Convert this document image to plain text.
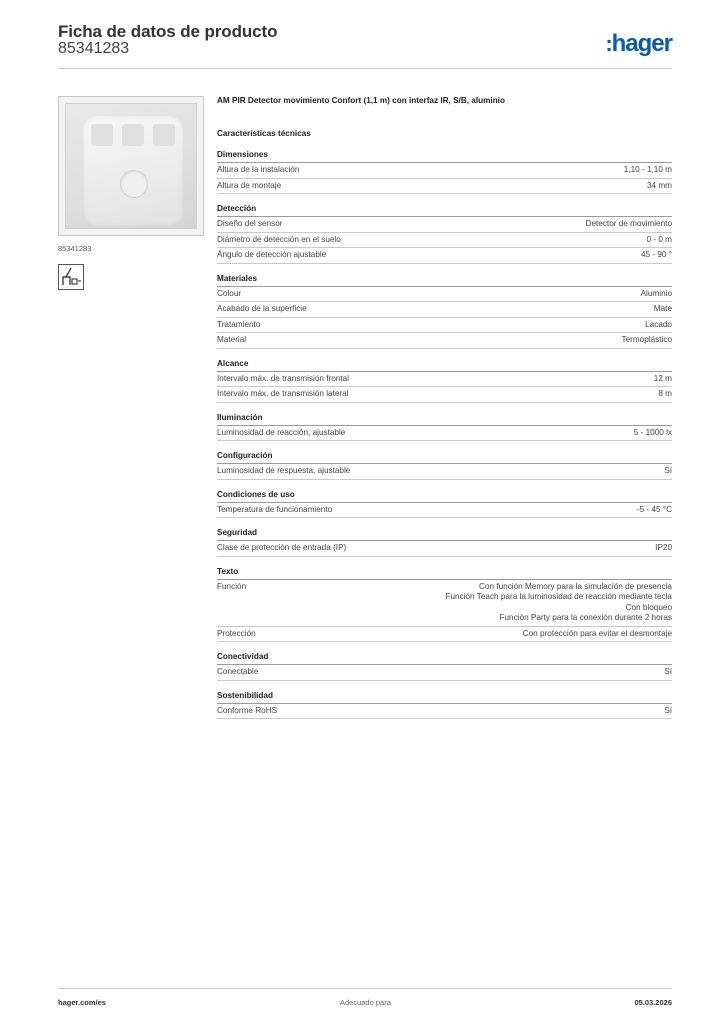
Ficha de datos de producto
85341283	:hager
85341283
AM PIR Detector movimiento Confort (1,1 m) con interfaz IR, S/B, aluminio
Características técnicas
Dimensiones
Altura de la instalación	1,10 - 1,10 m
Altura de montaje	34 mm
Detección
Diseño del sensor	Detector de movimiento
Diámetro de detección en el suelo	0 - 0 m
Ángulo de detección ajustable	45 - 90 °
Materiales
Colour	Aluminio
Acabado de la superficie	Mate
Tratamiento	Lacado
Material	Termoplástico
Alcance
Intervalo máx. de transmisión frontal	12 m
Intervalo máx. de transmisión lateral	8 m
Iluminación
Luminosidad de reacción, ajustable	5 - 1000 lx
Configuración
Luminosidad de respuesta, ajustable	Sí
Condiciones de uso
Temperatura de funcionamiento	-5 - 45 °C
Seguridad
Clase de protección de entrada (IP)	IP20
Texto
Función	Con función Memory para la simulación de presencia
Función Teach para la luminosidad de reacción mediante tecla
Con bloqueo
Función Party para la conexión durante 2 horas
Protección	Con protección para evitar el desmontaje
Conectividad
Conectable	Sí
Sostenibilidad
Conforme RoHS	Sí
hager.com/es	Adecuado para	05.03.2026
